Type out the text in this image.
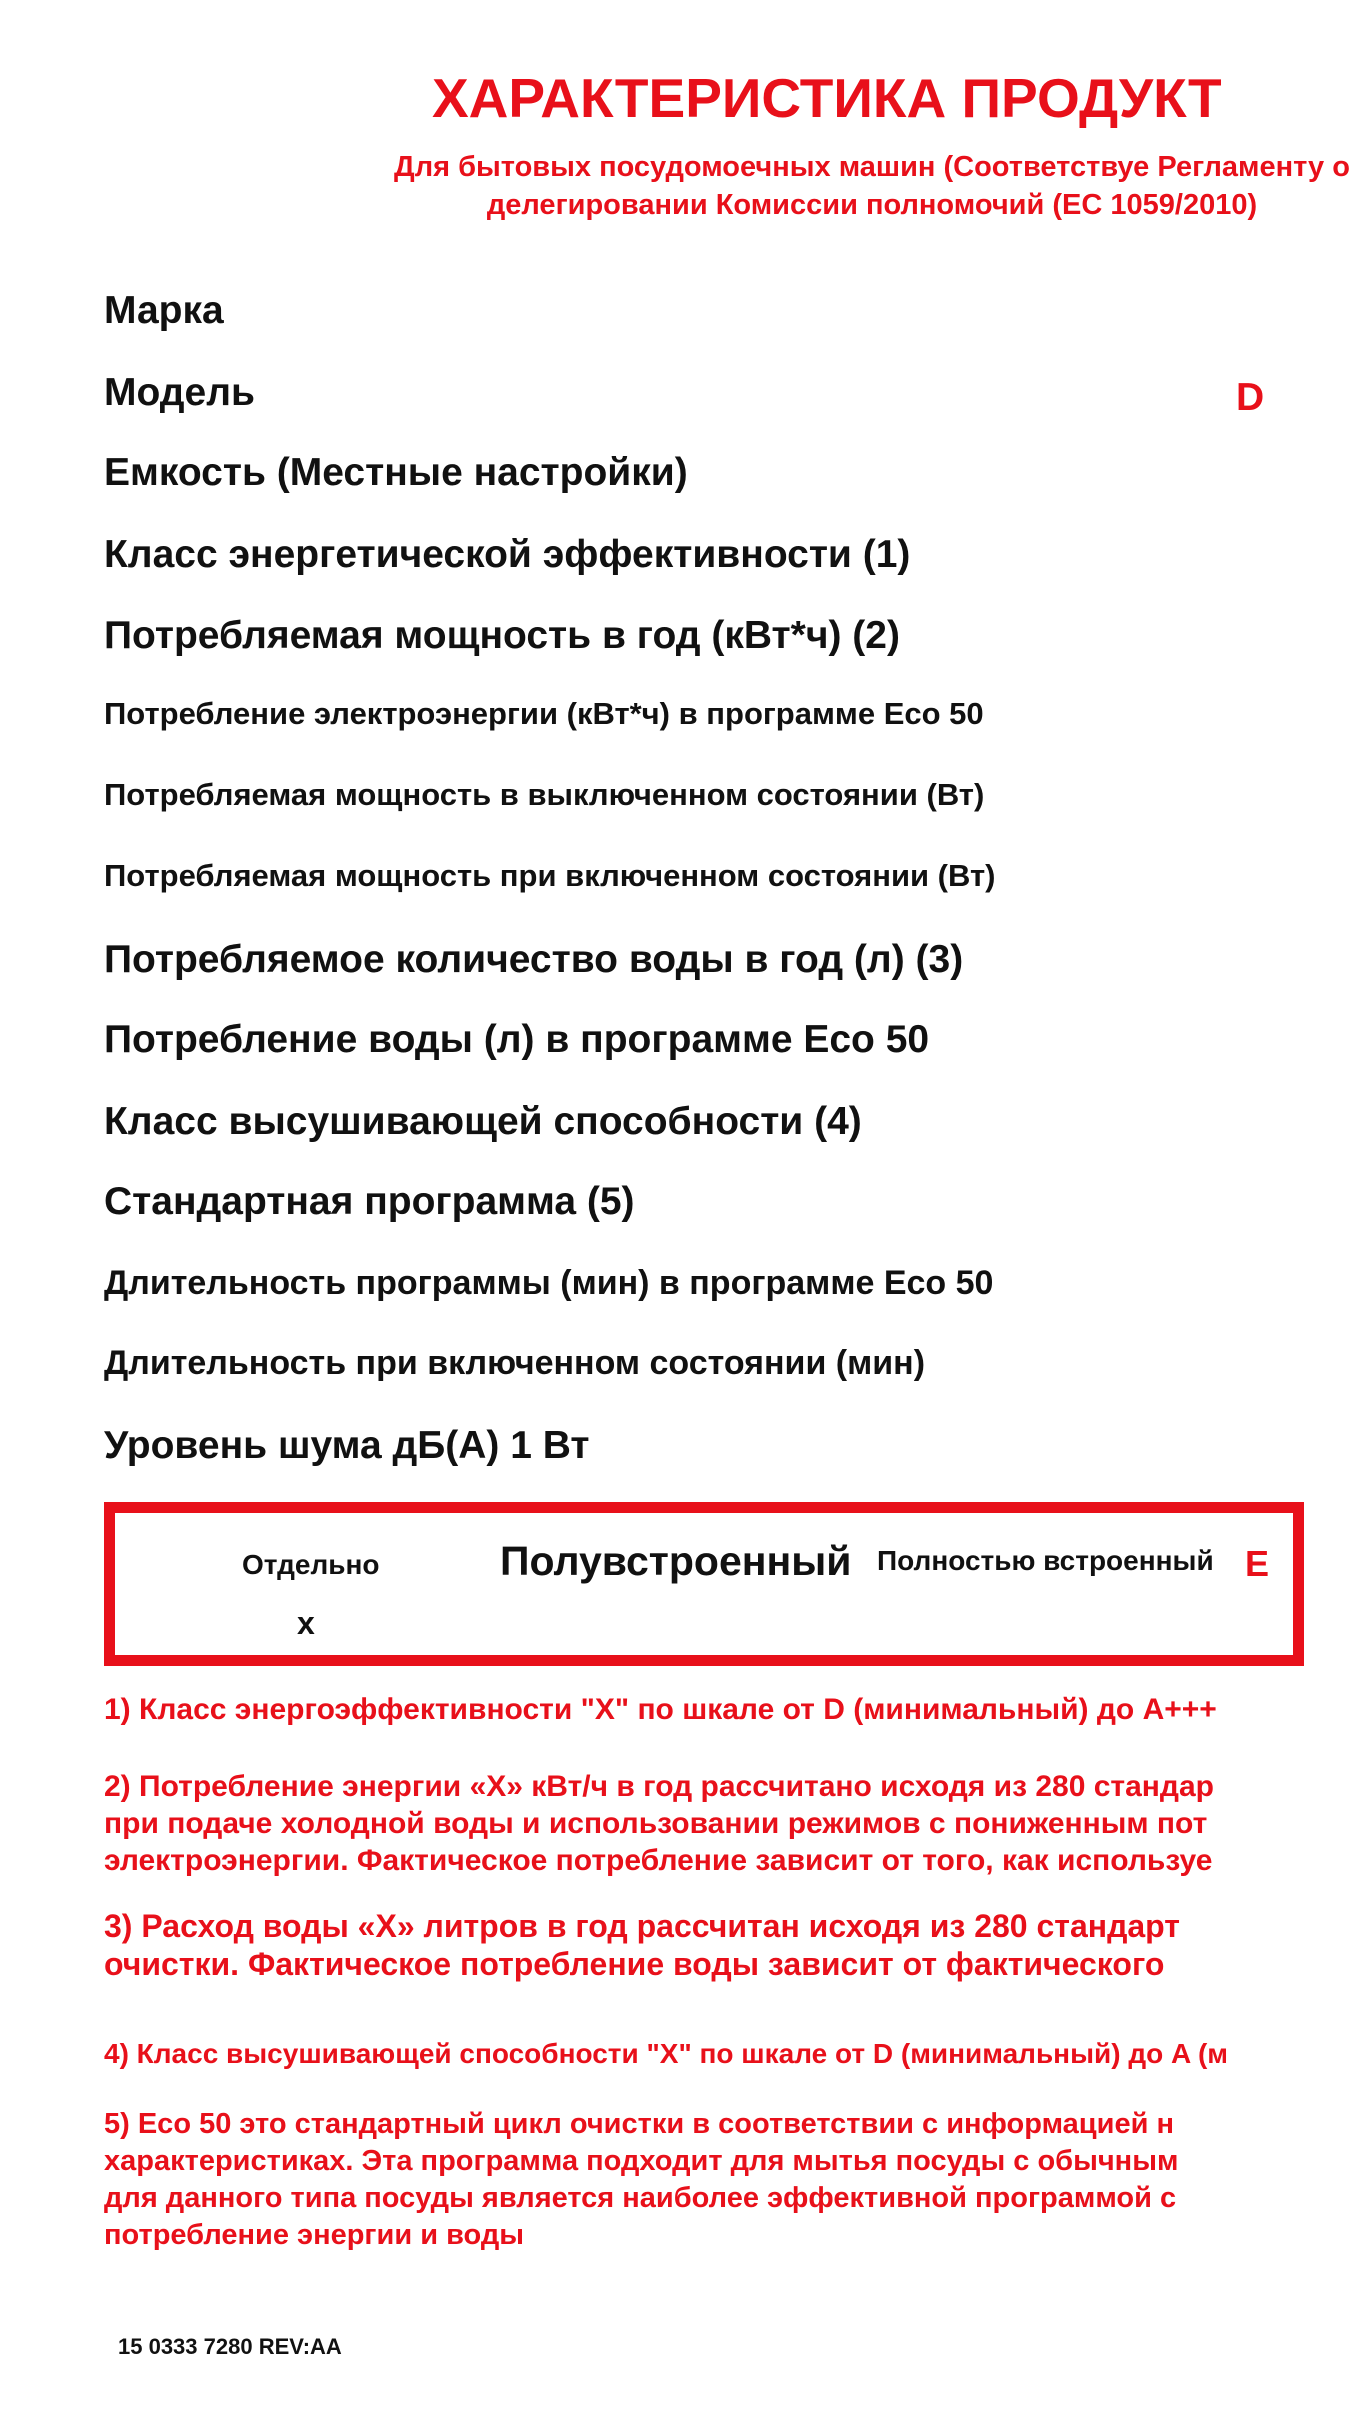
ХАРАКТЕРИСТИКА ПРОДУКТ
Для бытовых посудомоечных машин (Соответствуе Регламенту о делегировании Комиссии полномочий (ЕС 1059/2010)
Марка
Модель	D
Емкость (Местные настройки)
Класс энергетической эффективности (1)
Потребляемая мощность в год (кВт*ч) (2)
Потребление электроэнергии (кВт*ч) в программе Eco 50
Потребляемая мощность в выключенном состоянии (Вт)
Потребляемая мощность при включенном состоянии (Вт)
Потребляемое количество воды в год (л) (3)
Потребление воды (л) в программе Eco 50
Класс высушивающей способности (4)
Стандартная программа (5)
Длительность программы (мин) в программе Eco 50
Длительность при включенном состоянии (мин)
Уровень шума дБ(А) 1 Вт
Отдельно	Полувстроенный Полностью встроенный E
x
1) Класс энергоэффективности "X" по шкале от D (минимальный) до A+++
2) Потребление энергии «X» кВт/ч в год рассчитано исходя из 280 стандар
при подаче холодной воды и использовании режимов с пониженным пот
электроэнергии. Фактическое потребление зависит от того, как используе
3) Расход воды «X» литров в год рассчитан исходя из 280 стандарт
очистки. Фактическое потребление воды зависит от фактического
4) Класс высушивающей способности "X" по шкале от D (минимальный) до A (м
5) Eco 50 это стандартный цикл очистки в соответствии с информацией н
характеристиках. Эта программа подходит для мытья посуды с обычным
для данного типа посуды является наиболее эффективной программой с
потребление энергии и воды
15 0333 7280 REV:AA
